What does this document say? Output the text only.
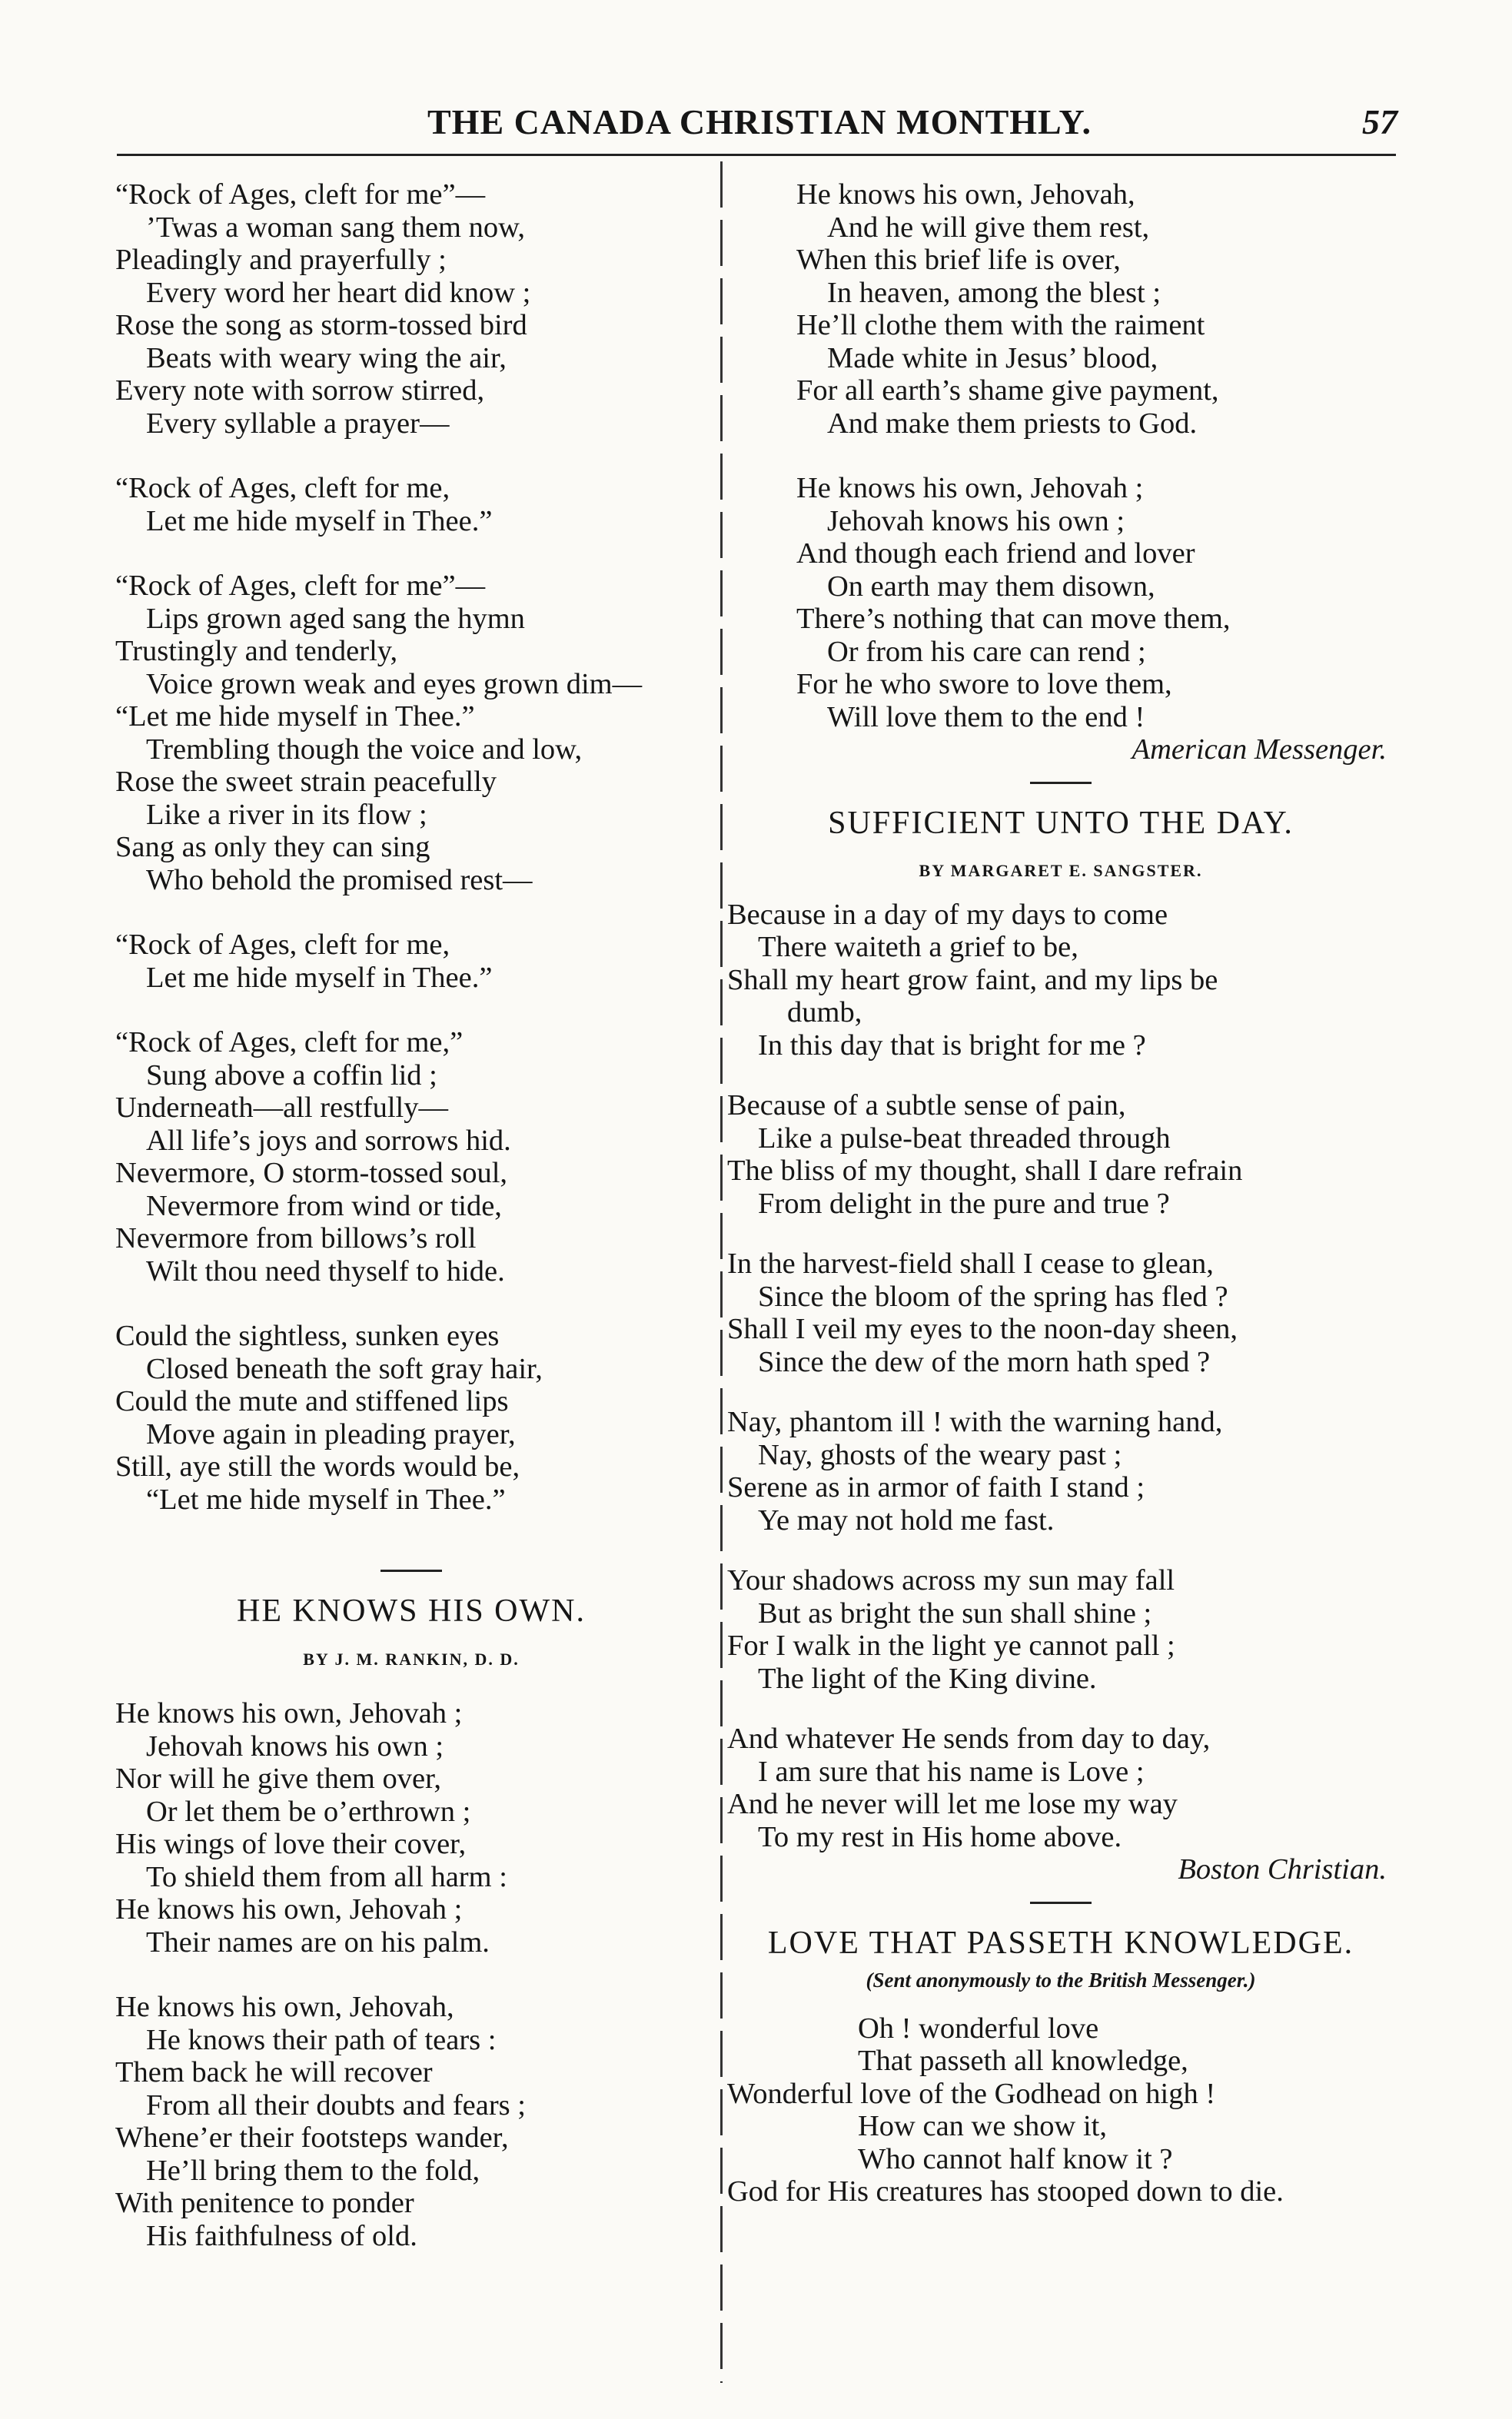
THE CANADA CHRISTIAN MONTHLY.	57
“Rock of Ages, cleft for me”—
’Twas a woman sang them now,
Pleadingly and prayerfully ;
Every word her heart did know ;
Rose the song as storm-tossed bird
Beats with weary wing the air,
Every note with sorrow stirred,
Every syllable a prayer—
“Rock of Ages, cleft for me,
Let me hide myself in Thee.”
“Rock of Ages, cleft for me”—
Lips grown aged sang the hymn
Trustingly and tenderly,
Voice grown weak and eyes grown dim—
“Let me hide myself in Thee.”
Trembling though the voice and low,
Rose the sweet strain peacefully
Like a river in its flow ;
Sang as only they can sing
Who behold the promised rest—
“Rock of Ages, cleft for me,
Let me hide myself in Thee.”
“Rock of Ages, cleft for me,”
Sung above a coffin lid ;
Underneath—all restfully—
All life’s joys and sorrows hid.
Nevermore, O storm-tossed soul,
Nevermore from wind or tide,
Nevermore from billows’s roll
Wilt thou need thyself to hide.
Could the sightless, sunken eyes
Closed beneath the soft gray hair,
Could the mute and stiffened lips
Move again in pleading prayer,
Still, aye still the words would be,
“Let me hide myself in Thee.”
HE KNOWS HIS OWN.
BY J. M. RANKIN, D. D.
He knows his own, Jehovah ;
Jehovah knows his own ;
Nor will he give them over,
Or let them be o’erthrown ;
His wings of love their cover,
To shield them from all harm :
He knows his own, Jehovah ;
Their names are on his palm.
He knows his own, Jehovah,
He knows their path of tears :
Them back he will recover
From all their doubts and fears ;
Whene’er their footsteps wander,
He’ll bring them to the fold,
With penitence to ponder
His faithfulness of old.
He knows his own, Jehovah,
And he will give them rest,
When this brief life is over,
In heaven, among the blest ;
He’ll clothe them with the raiment
Made white in Jesus’ blood,
For all earth’s shame give payment,
And make them priests to God.
He knows his own, Jehovah ;
Jehovah knows his own ;
And though each friend and lover
On earth may them disown,
There’s nothing that can move them,
Or from his care can rend ;
For he who swore to love them,
Will love them to the end !
American Messenger.
SUFFICIENT UNTO THE DAY.
BY MARGARET E. SANGSTER.
Because in a day of my days to come
There waiteth a grief to be,
Shall my heart grow faint, and my lips be
dumb,
In this day that is bright for me ?
Because of a subtle sense of pain,
Like a pulse-beat threaded through
The bliss of my thought, shall I dare refrain
From delight in the pure and true ?
In the harvest-field shall I cease to glean,
Since the bloom of the spring has fled ?
Shall I veil my eyes to the noon-day sheen,
Since the dew of the morn hath sped ?
Nay, phantom ill ! with the warning hand,
Nay, ghosts of the weary past ;
Serene as in armor of faith I stand ;
Ye may not hold me fast.
Your shadows across my sun may fall
But as bright the sun shall shine ;
For I walk in the light ye cannot pall ;
The light of the King divine.
And whatever He sends from day to day,
I am sure that his name is Love ;
And he never will let me lose my way
To my rest in His home above.
Boston Christian.
LOVE THAT PASSETH KNOWLEDGE.
(Sent anonymously to the British Messenger.)
Oh ! wonderful love
That passeth all knowledge,
Wonderful love of the Godhead on high !
How can we show it,
Who cannot half know it ?
God for His creatures has stooped down to die.
